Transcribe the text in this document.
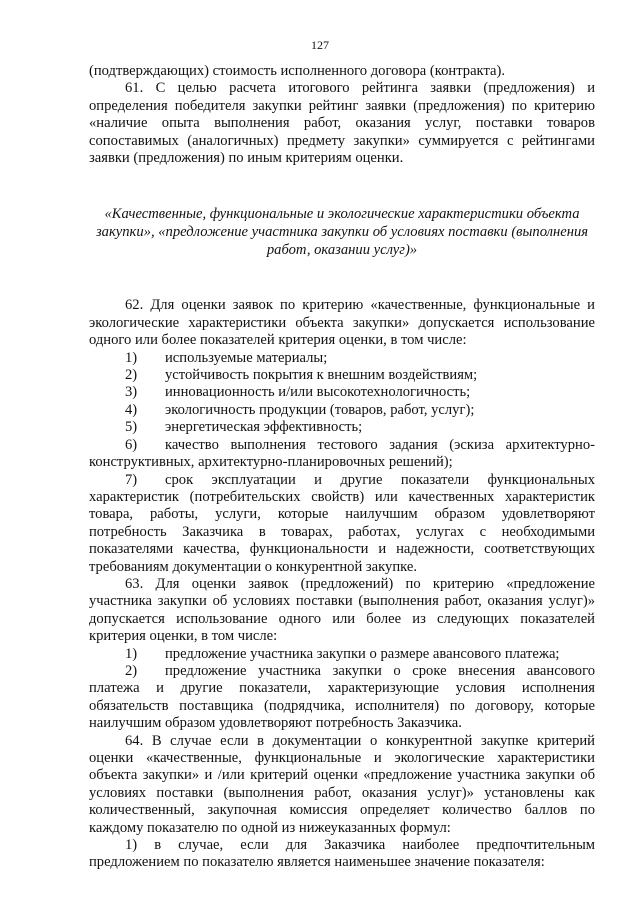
127

(подтверждающих) стоимость исполненного договора (контракта).

61. С целью расчета итогового рейтинга заявки (предложения) и определения победителя закупки рейтинг заявки (предложения) по критерию «наличие опыта выполнения работ, оказания услуг, поставки товаров сопоставимых (аналогичных) предмету закупки» суммируется с рейтингами заявки (предложения) по иным критериям оценки.

«Качественные, функциональные и экологические характеристики объекта закупки», «предложение участника закупки об условиях поставки (выполнения работ, оказании услуг)»

62. Для оценки заявок по критерию «качественные, функциональные и экологические характеристики объекта закупки» допускается использование одного или более показателей критерия оценки, в том числе:

1) используемые материалы;

2) устойчивость покрытия к внешним воздействиям;

3) инновационность и/или высокотехнологичность;

4) экологичность продукции (товаров, работ, услуг);

5) энергетическая эффективность;

6) качество выполнения тестового задания (эскиза архитектурно-конструктивных, архитектурно-планировочных решений);

7) срок эксплуатации и другие показатели функциональных характеристик (потребительских свойств) или качественных характеристик товара, работы, услуги, которые наилучшим образом удовлетворяют потребность Заказчика в товарах, работах, услугах с необходимыми показателями качества, функциональности и надежности, соответствующих требованиям документации о конкурентной закупке.

63. Для оценки заявок (предложений) по критерию «предложение участника закупки об условиях поставки (выполнения работ, оказания услуг)» допускается использование одного или более из следующих показателей критерия оценки, в том числе:

1) предложение участника закупки о размере авансового платежа;

2) предложение участника закупки о сроке внесения авансового платежа и другие показатели, характеризующие условия исполнения обязательств поставщика (подрядчика, исполнителя) по договору, которые наилучшим образом удовлетворяют потребность Заказчика.

64. В случае если в документации о конкурентной закупке критерий оценки «качественные, функциональные и экологические характеристики объекта закупки» и /или критерий оценки «предложение участника закупки об условиях поставки (выполнения работ, оказания услуг)» установлены как количественный, закупочная комиссия определяет количество баллов по каждому показателю по одной из нижеуказанных формул:

1) в случае, если для Заказчика наиболее предпочтительным предложением по показателю является наименьшее значение показателя:
